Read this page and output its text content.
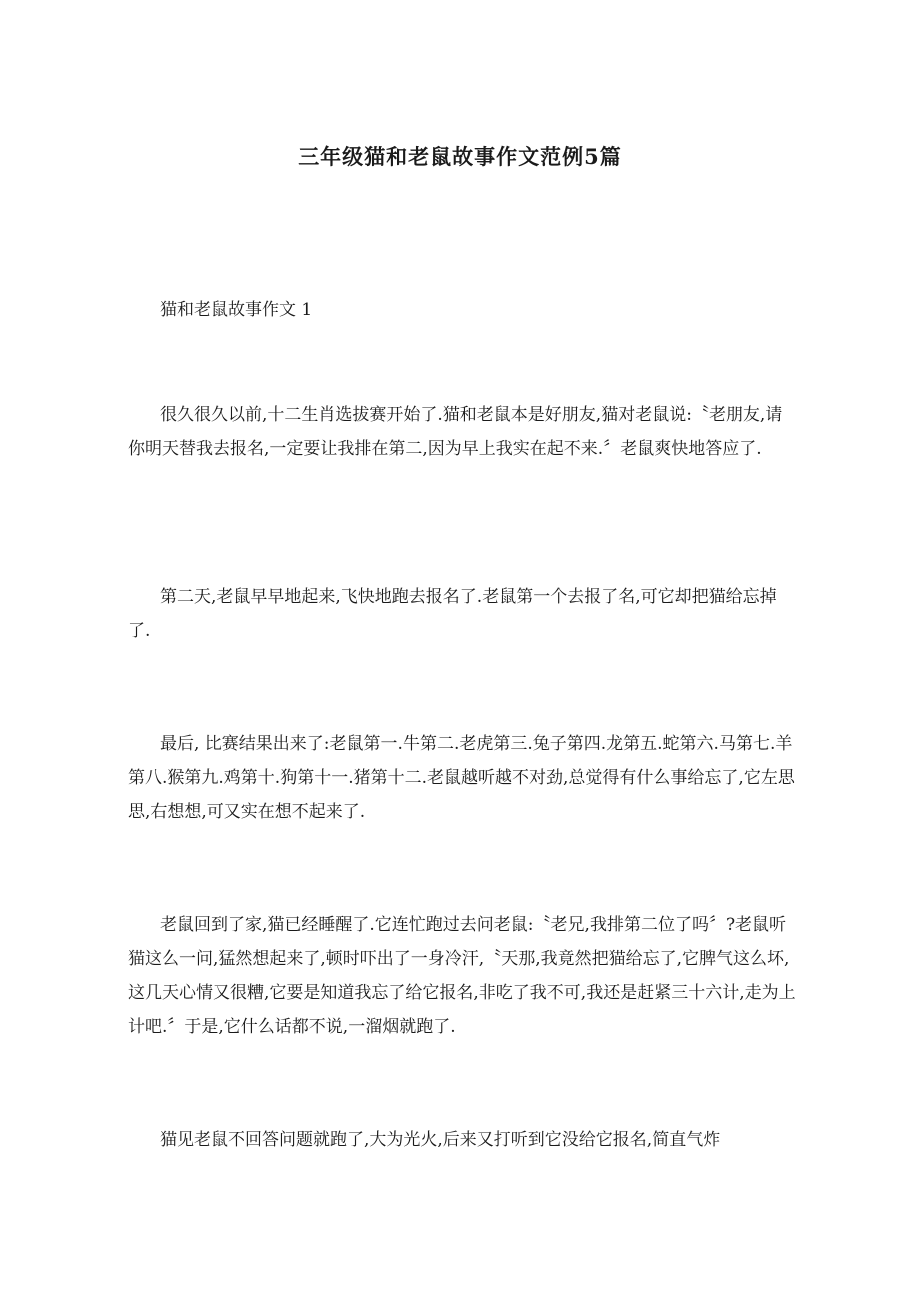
三年级猫和老鼠故事作文范例5篇
猫和老鼠故事作文 1

很久很久以前,十二生肖选拔赛开始了.猫和老鼠本是好朋友,猫对老鼠说:〝老朋友,请你明天替我去报名,一定要让我排在第二,因为早上我实在起不来.〞老鼠爽快地答应了.

第二天,老鼠早早地起来,飞快地跑去报名了.老鼠第一个去报了名,可它却把猫给忘掉了.

最后, 比赛结果出来了:老鼠第一.牛第二.老虎第三.兔子第四.龙第五.蛇第六.马第七.羊第八.猴第九.鸡第十.狗第十一.猪第十二.老鼠越听越不对劲,总觉得有什么事给忘了,它左思思,右想想,可又实在想不起来了.

老鼠回到了家,猫已经睡醒了.它连忙跑过去问老鼠:〝老兄,我排第二位了吗〞?老鼠听猫这么一问,猛然想起来了,顿时吓出了一身冷汗,〝天那,我竟然把猫给忘了,它脾气这么坏,这几天心情又很糟,它要是知道我忘了给它报名,非吃了我不可,我还是赶紧三十六计,走为上计吧.〞于是,它什么话都不说,一溜烟就跑了.

猫见老鼠不回答问题就跑了,大为光火,后来又打听到它没给它报名,简直气炸
